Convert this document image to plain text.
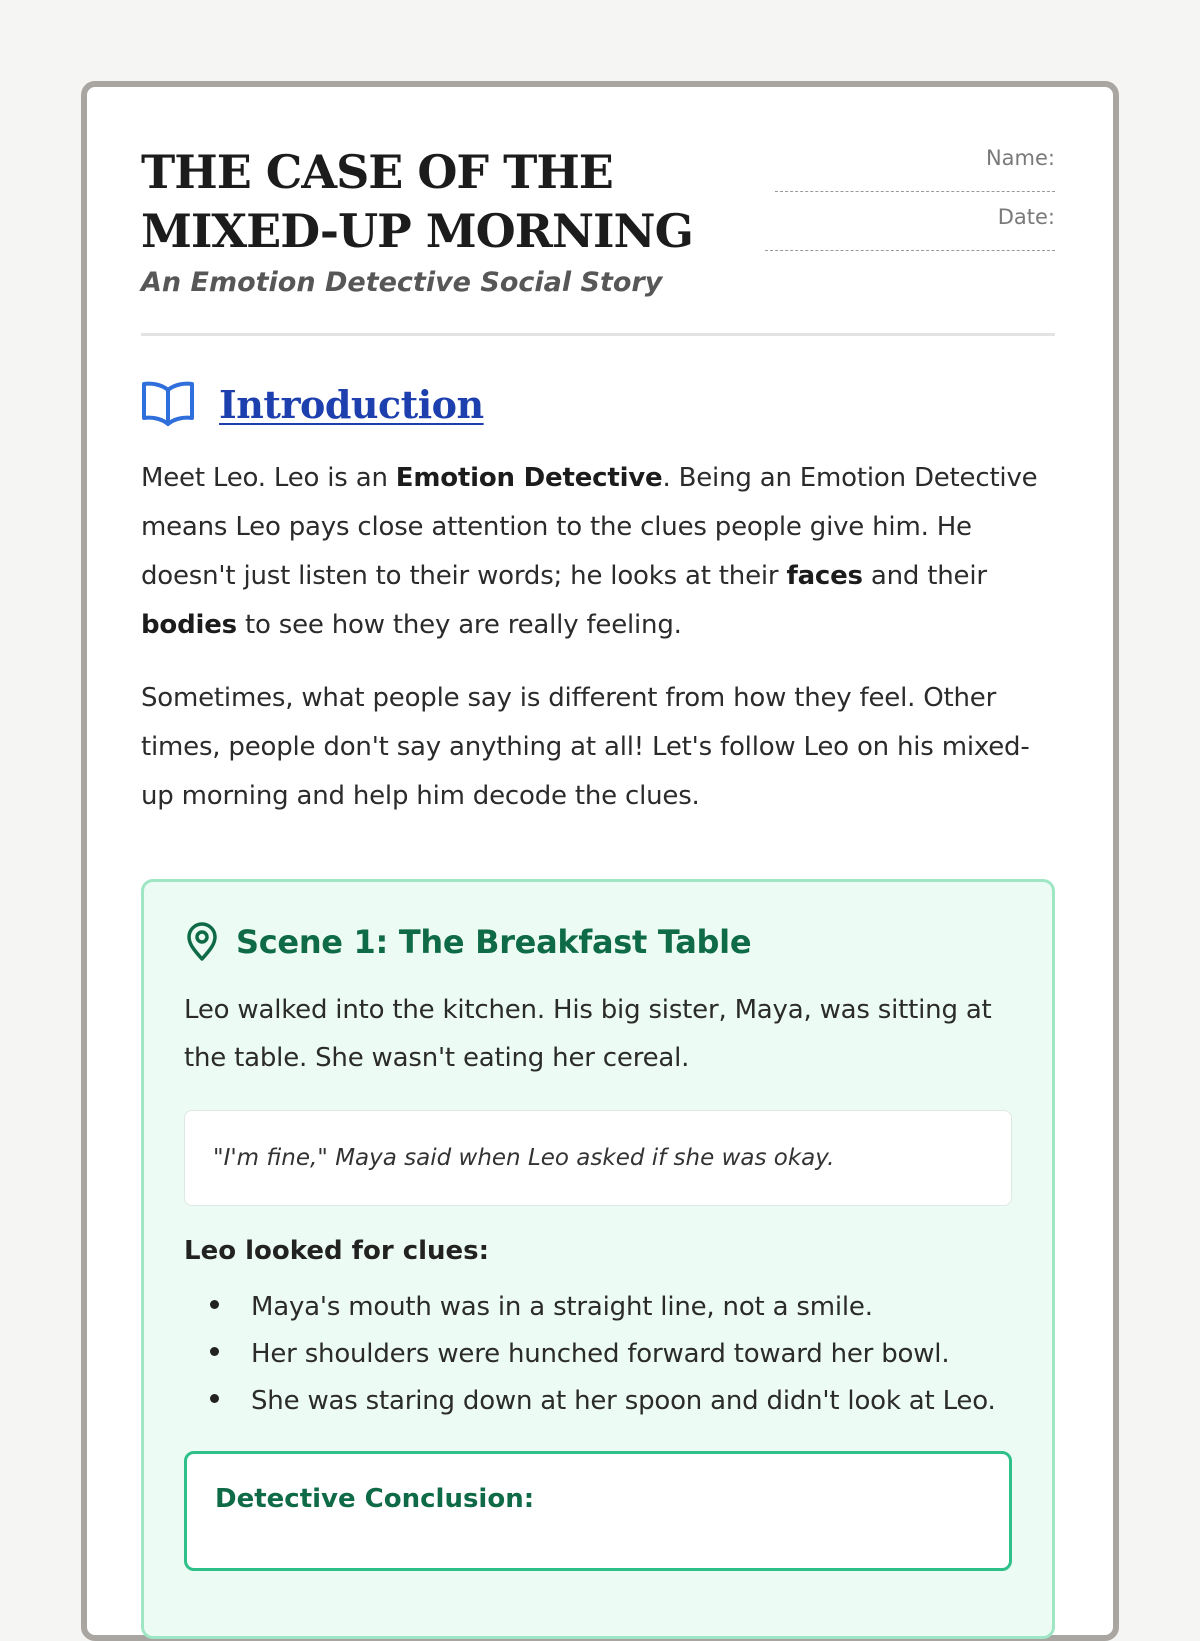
THE CASE OF THE MIXED-UP MORNING
An Emotion Detective Social Story
Name:
Date:
Introduction

Meet Leo. Leo is an Emotion Detective. Being an Emotion Detective means Leo pays close attention to the clues people give him. He doesn't just listen to their words; he looks at their faces and their bodies to see how they are really feeling.

Sometimes, what people say is different from how they feel. Other times, people don't say anything at all! Let's follow Leo on his mixed-up morning and help him decode the clues.

Scene 1: The Breakfast Table

Leo walked into the kitchen. His big sister, Maya, was sitting at the table. She wasn't eating her cereal.

"I'm fine," Maya said when Leo asked if she was okay.
Leo looked for clues:
Maya's mouth was in a straight line, not a smile.
Her shoulders were hunched forward toward her bowl.
She was staring down at her spoon and didn't look at Leo.
Detective Conclusion:
